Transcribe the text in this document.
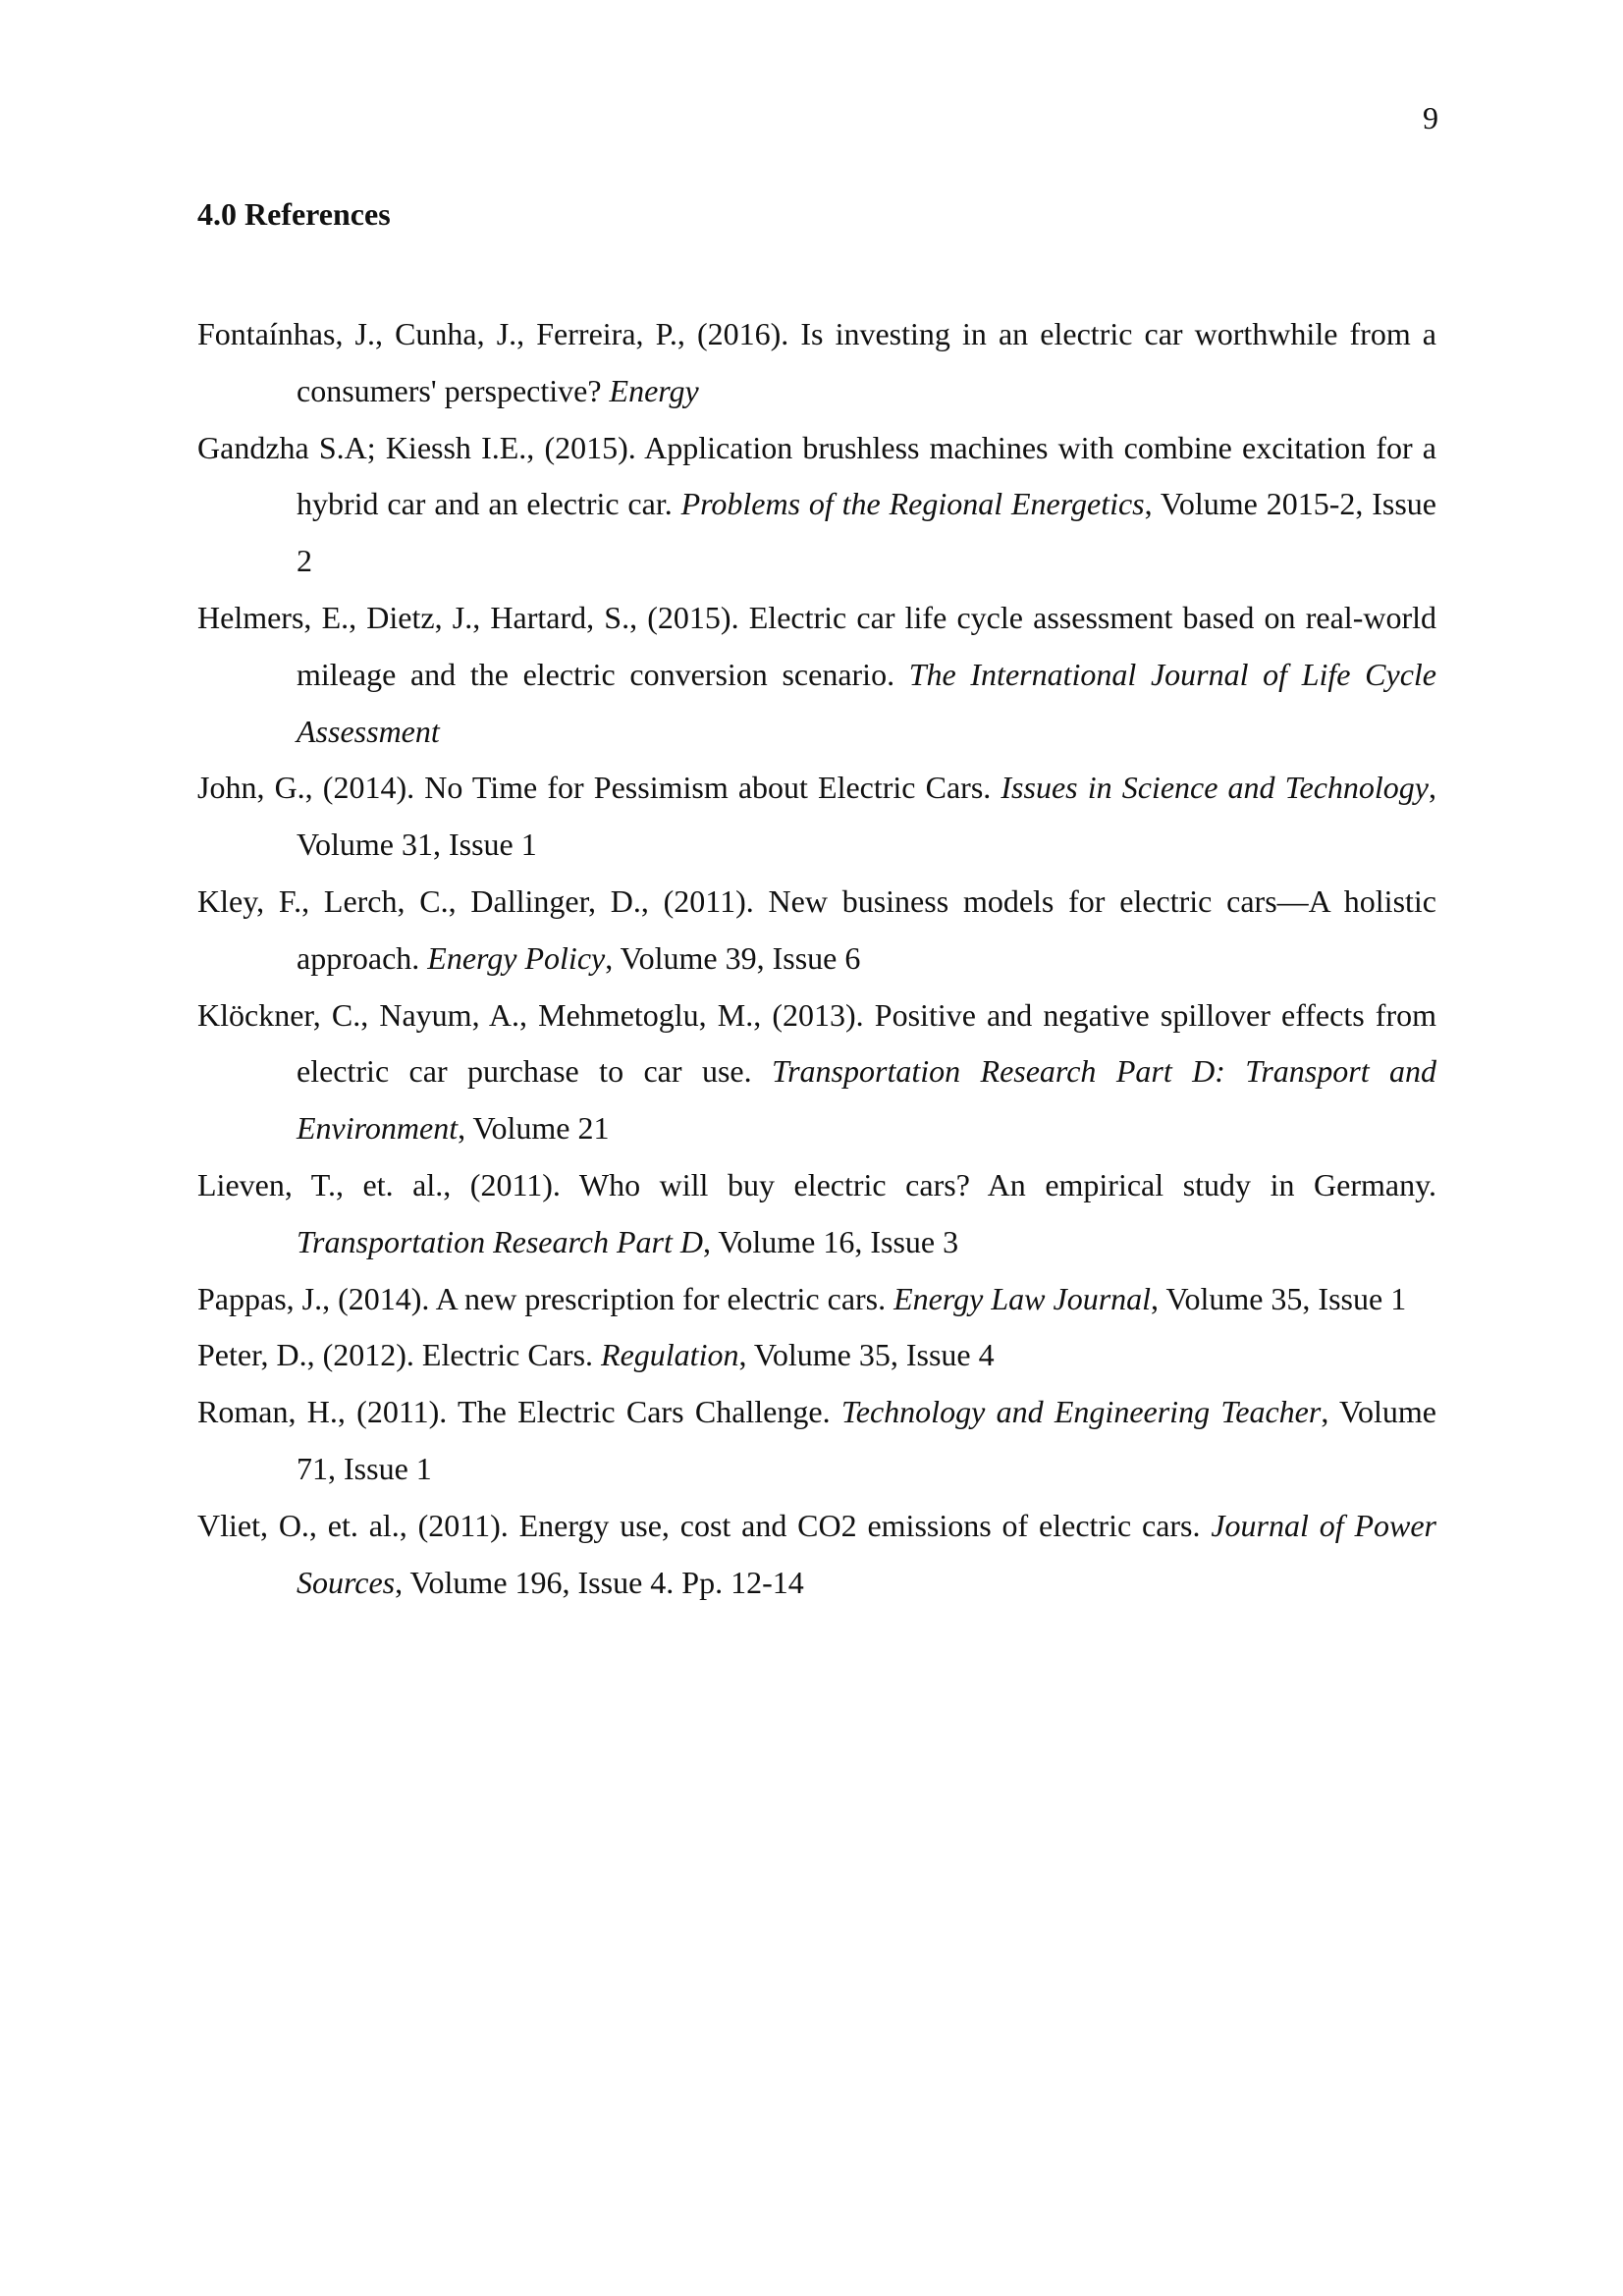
9
4.0 References
Fontaínhas, J., Cunha, J., Ferreira, P., (2016). Is investing in an electric car worthwhile from a consumers' perspective? Energy
Gandzha S.A; Kiessh I.E., (2015). Application brushless machines with combine excitation for a hybrid car and an electric car. Problems of the Regional Energetics, Volume 2015-2, Issue 2
Helmers, E., Dietz, J., Hartard, S., (2015). Electric car life cycle assessment based on real-world mileage and the electric conversion scenario. The International Journal of Life Cycle Assessment
John, G., (2014). No Time for Pessimism about Electric Cars. Issues in Science and Technology, Volume 31, Issue 1
Kley, F., Lerch, C., Dallinger, D., (2011). New business models for electric cars—A holistic approach. Energy Policy, Volume 39, Issue 6
Klöckner, C., Nayum, A., Mehmetoglu, M., (2013). Positive and negative spillover effects from electric car purchase to car use. Transportation Research Part D: Transport and Environment, Volume 21
Lieven, T., et. al., (2011). Who will buy electric cars? An empirical study in Germany. Transportation Research Part D, Volume 16, Issue 3
Pappas, J., (2014). A new prescription for electric cars. Energy Law Journal, Volume 35, Issue 1
Peter, D., (2012). Electric Cars. Regulation, Volume 35, Issue 4
Roman, H., (2011). The Electric Cars Challenge. Technology and Engineering Teacher, Volume 71, Issue 1
Vliet, O., et. al., (2011). Energy use, cost and CO2 emissions of electric cars. Journal of Power Sources, Volume 196, Issue 4. Pp. 12-14
